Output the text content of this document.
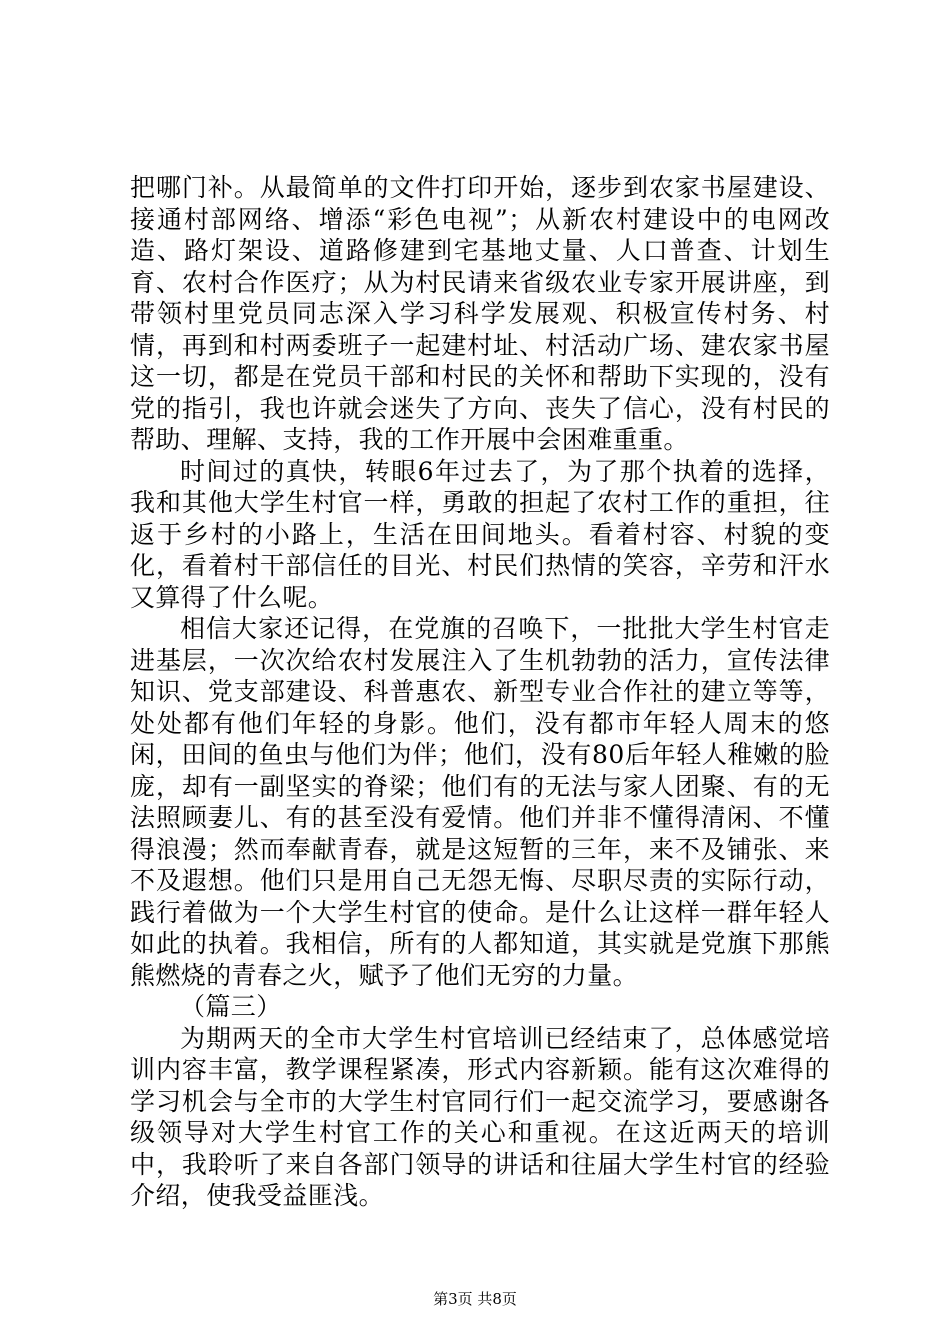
把哪门补。从最简单的文件打印开始，逐步到农家书屋建设、接通村部网络、增添“彩色电视”；从新农村建设中的电网改造、路灯架设、道路修建到宅基地丈量、人口普查、计划生育、农村合作医疗；从为村民请来省级农业专家开展讲座，到带领村里党员同志深入学习科学发展观、积极宣传村务、村情，再到和村两委班子一起建村址、村活动广场、建农家书屋这一切，都是在党员干部和村民的关怀和帮助下实现的，没有党的指引，我也许就会迷失了方向、丧失了信心，没有村民的帮助、理解、支持，我的工作开展中会困难重重。

时间过的真快，转眼6年过去了，为了那个执着的选择，我和其他大学生村官一样，勇敢的担起了农村工作的重担，往返于乡村的小路上，生活在田间地头。看着村容、村貌的变化，看着村干部信任的目光、村民们热情的笑容，辛劳和汗水又算得了什么呢。

相信大家还记得，在党旗的召唤下，一批批大学生村官走进基层，一次次给农村发展注入了生机勃勃的活力，宣传法律知识、党支部建设、科普惠农、新型专业合作社的建立等等，处处都有他们年轻的身影。他们，没有都市年轻人周末的悠闲，田间的鱼虫与他们为伴；他们，没有80后年轻人稚嫩的脸庞，却有一副坚实的脊梁；他们有的无法与家人团聚、有的无法照顾妻儿、有的甚至没有爱情。他们并非不懂得清闲、不懂得浪漫；然而奉献青春，就是这短暂的三年，来不及铺张、来不及遐想。他们只是用自己无怨无悔、尽职尽责的实际行动，践行着做为一个大学生村官的使命。是什么让这样一群年轻人如此的执着。我相信，所有的人都知道，其实就是党旗下那熊熊燃烧的青春之火，赋予了他们无穷的力量。

（篇三）

为期两天的全市大学生村官培训已经结束了，总体感觉培训内容丰富，教学课程紧凑，形式内容新颖。能有这次难得的学习机会与全市的大学生村官同行们一起交流学习，要感谢各级领导对大学生村官工作的关心和重视。在这近两天的培训中，我聆听了来自各部门领导的讲话和往届大学生村官的经验介绍，使我受益匪浅。

第3页 共8页
